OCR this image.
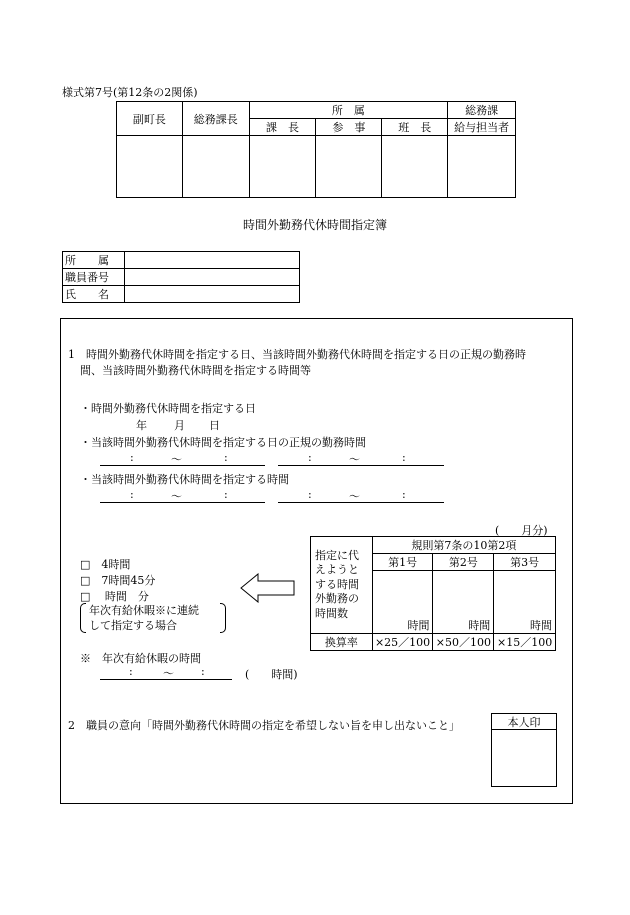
様式第7号(第12条の2関係)
副町長	総務課長	所　属			総務課
		課　長	参　事	班　長	給与担当者

時間外勤務代休時間指定簿
所　　属	
職員番号	
氏　　名	
1　時間外勤務代休時間を指定する日、当該時間外勤務代休時間を指定する日の正規の勤務時
間、当該時間外勤務代休時間を指定する時間等
・時間外勤務代休時間を指定する日
年 月 日
・当該時間外勤務代休時間を指定する日の正規の勤務時間
:	〜	:	:	〜	:
・当該時間外勤務代休時間を指定する時間
:	〜	:	:	〜	:
(　　月分)
□　4時間
□　7時間45分
□　 時間　分
年次有給休暇※に連続
して指定する場合
指定に代
えようと
する時間
外勤務の
時間数	規則第7条の10第2項		
	第1号	第2号	第3号
	時間	時間	時間
換算率	×25／100	×50／100	×15／100
※　年次有給休暇の時間
:	〜 :	(　　時間)
2　職員の意向「時間外勤務代休時間の指定を希望しない旨を申し出ないこと」	本人印
